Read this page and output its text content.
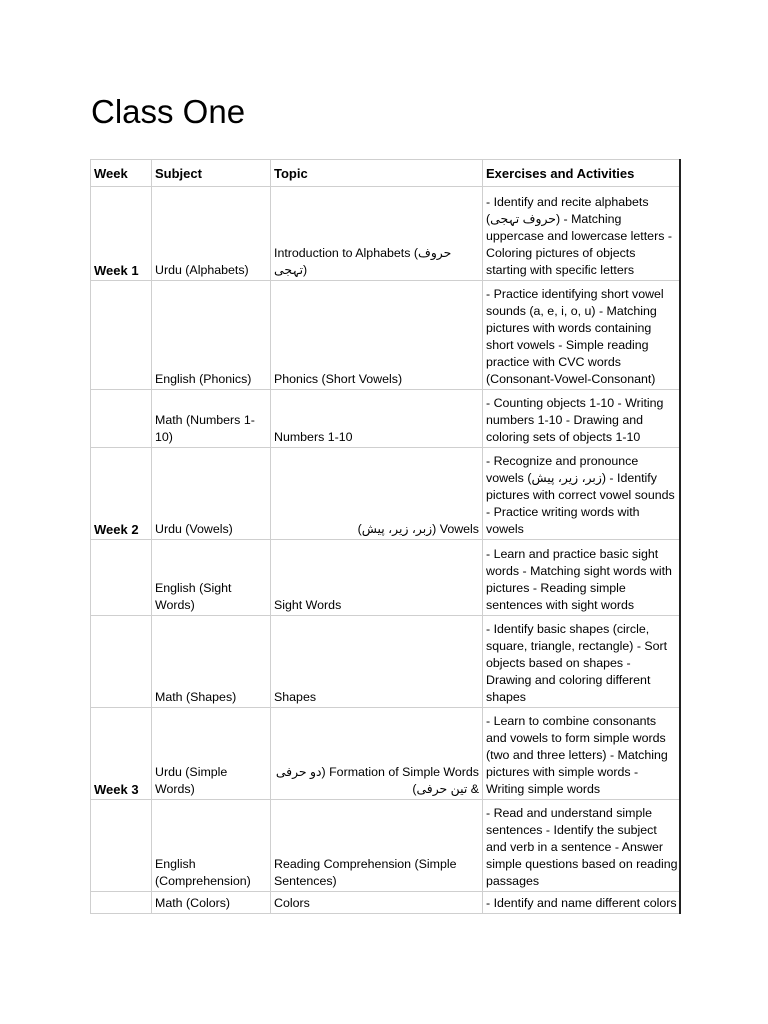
Class One
Week	Subject	Topic	Exercises and Activities
Week 1	Urdu (Alphabets)	Introduction to Alphabets (حروف تہجی)	- Identify and recite alphabets (حروف تہجی) - Matching uppercase and lowercase letters - Coloring pictures of objects starting with specific letters
	English (Phonics)	Phonics (Short Vowels)	- Practice identifying short vowel sounds (a, e, i, o, u) - Matching pictures with words containing short vowels - Simple reading practice with CVC words (Consonant-Vowel-Consonant)
	Math (Numbers 1-10)	Numbers 1-10	- Counting objects 1-10 - Writing numbers 1-10 - Drawing and coloring sets of objects 1-10
Week 2	Urdu (Vowels)	Vowels (زبر، زیر، پیش)	- Recognize and pronounce vowels (زبر، زیر، پیش) - Identify pictures with correct vowel sounds - Practice writing words with vowels
	English (Sight Words)	Sight Words	- Learn and practice basic sight words - Matching sight words with pictures - Reading simple sentences with sight words
	Math (Shapes)	Shapes	- Identify basic shapes (circle, square, triangle, rectangle) - Sort objects based on shapes - Drawing and coloring different shapes
Week 3	Urdu (Simple Words)	Formation of Simple Words (دو حرفی & تین حرفی)	- Learn to combine consonants and vowels to form simple words (two and three letters) - Matching pictures with simple words - Writing simple words
	English (Comprehension)	Reading Comprehension (Simple Sentences)	- Read and understand simple sentences - Identify the subject and verb in a sentence - Answer simple questions based on reading passages
	Math (Colors)	Colors	- Identify and name different colors
